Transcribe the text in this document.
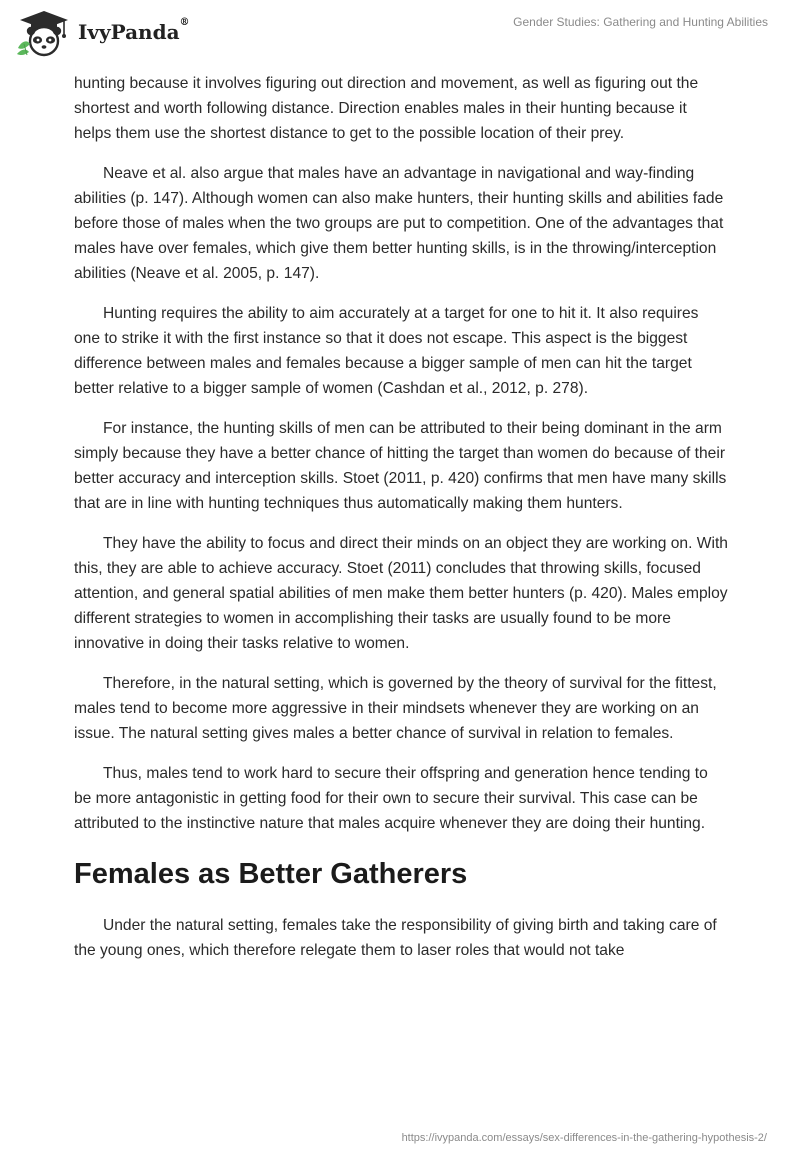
IvyPanda®	Gender Studies: Gathering and Hunting Abilities

hunting because it involves figuring out direction and movement, as well as figuring out the shortest and worth following distance. Direction enables males in their hunting because it helps them use the shortest distance to get to the possible location of their prey.

Neave et al. also argue that males have an advantage in navigational and way-finding abilities (p. 147). Although women can also make hunters, their hunting skills and abilities fade before those of males when the two groups are put to competition. One of the advantages that males have over females, which give them better hunting skills, is in the throwing/interception abilities (Neave et al. 2005, p. 147).

Hunting requires the ability to aim accurately at a target for one to hit it. It also requires one to strike it with the first instance so that it does not escape. This aspect is the biggest difference between males and females because a bigger sample of men can hit the target better relative to a bigger sample of women (Cashdan et al., 2012, p. 278).

For instance, the hunting skills of men can be attributed to their being dominant in the arm simply because they have a better chance of hitting the target than women do because of their better accuracy and interception skills. Stoet (2011, p. 420) confirms that men have many skills that are in line with hunting techniques thus automatically making them hunters.

They have the ability to focus and direct their minds on an object they are working on. With this, they are able to achieve accuracy. Stoet (2011) concludes that throwing skills, focused attention, and general spatial abilities of men make them better hunters (p. 420). Males employ different strategies to women in accomplishing their tasks are usually found to be more innovative in doing their tasks relative to women.

Therefore, in the natural setting, which is governed by the theory of survival for the fittest, males tend to become more aggressive in their mindsets whenever they are working on an issue. The natural setting gives males a better chance of survival in relation to females.

Thus, males tend to work hard to secure their offspring and generation hence tending to be more antagonistic in getting food for their own to secure their survival. This case can be attributed to the instinctive nature that males acquire whenever they are doing their hunting.

Females as Better Gatherers

Under the natural setting, females take the responsibility of giving birth and taking care of the young ones, which therefore relegate them to laser roles that would not take

https://ivypanda.com/essays/sex-differences-in-the-gathering-hypothesis-2/
